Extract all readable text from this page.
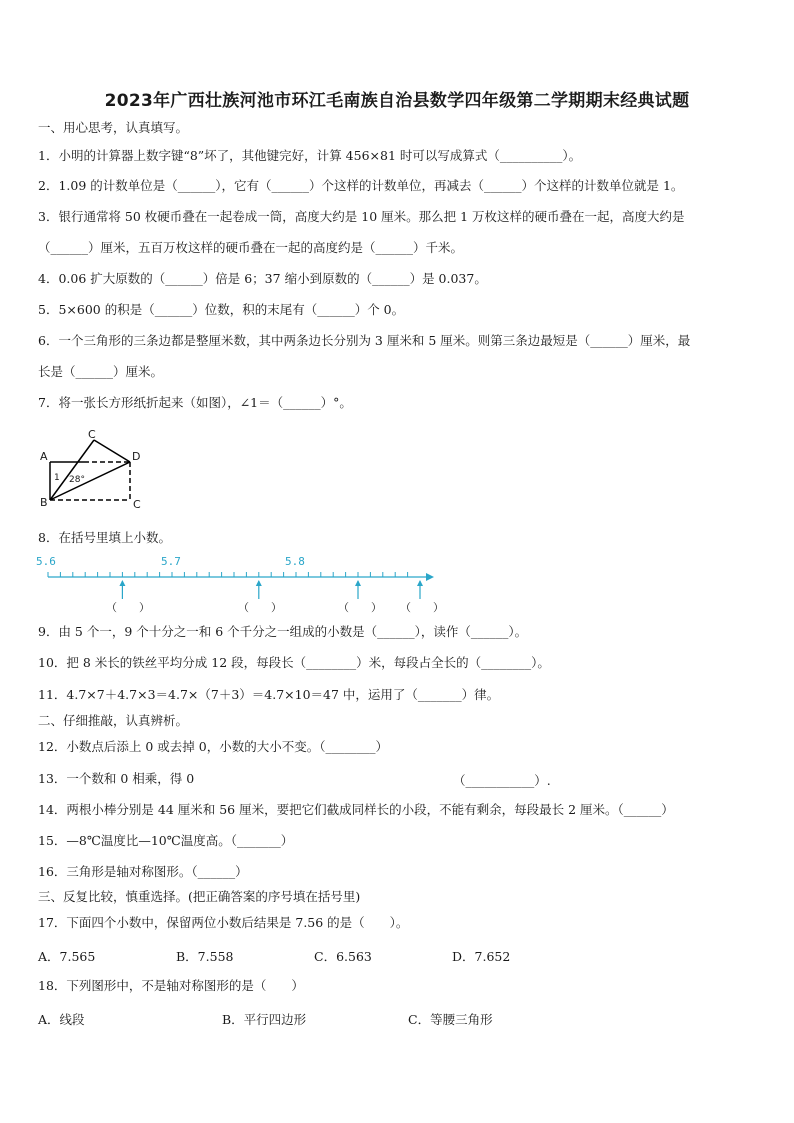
2023年广西壮族河池市环江毛南族自治县数学四年级第二学期期末经典试题
一、用心思考，认真填写。
1．小明的计算器上数字键“8”坏了，其他键完好，计算 456×81 时可以写成算式（__________）。
2．1.09 的计数单位是（______），它有（______）个这样的计数单位，再减去（______）个这样的计数单位就是 1。
3．银行通常将 50 枚硬币叠在一起卷成一筒，高度大约是 10 厘米。那么把 1 万枚这样的硬币叠在一起，高度大约是
（______）厘米，五百万枚这样的硬币叠在一起的高度约是（______）千米。
4．0.06 扩大原数的（______）倍是 6；37 缩小到原数的（______）是 0.037。
5．5×600 的积是（______）位数，积的末尾有（______）个 0。
6．一个三角形的三条边都是整厘米数，其中两条边长分别为 3 厘米和 5 厘米。则第三条边最短是（______）厘米，最
长是（______）厘米。
7．将一张长方形纸折起来（如图），∠1＝（______）°。
A
B
C
D
C
1 28°
8．在括号里填上小数。
5.6	5.7	5.8
（　　）	（　　）	（　　） （　　）
9．由 5 个一，9 个十分之一和 6 个千分之一组成的小数是（______），读作（______）。
10．把 8 米长的铁丝平均分成 12 段，每段长（________）米，每段占全长的（________）。
11．4.7×7＋4.7×3＝4.7×（7＋3）＝4.7×10＝47 中，运用了（_______）律。
二、仔细推敲，认真辨析。
12．小数点后添上 0 或去掉 0，小数的大小不变。（________）
13．一个数和 0 相乘，得 0	（___________）.
14．两根小棒分别是 44 厘米和 56 厘米，要把它们截成同样长的小段，不能有剩余，每段最长 2 厘米。（______）
15．—8℃温度比—10℃温度高。（_______）
16．三角形是轴对称图形。（______）
三、反复比较，慎重选择。(把正确答案的序号填在括号里)
17．下面四个小数中，保留两位小数后结果是 7.56 的是（　　）。
A．7.565	B．7.558	C．6.563	D．7.652
18．下列图形中，不是轴对称图形的是（　　）
A．线段	B．平行四边形	C．等腰三角形
